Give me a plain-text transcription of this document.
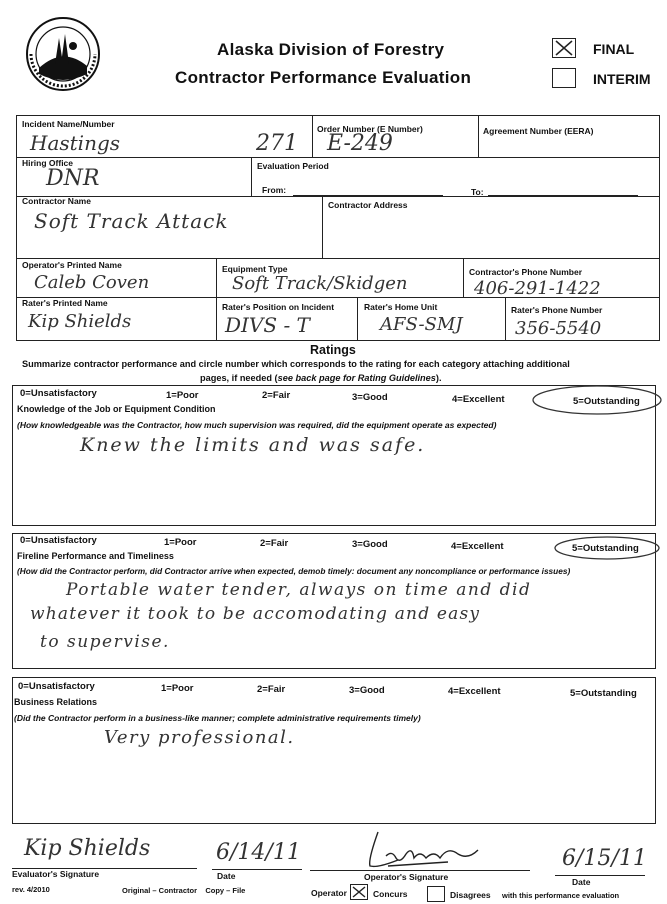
Alaska Division of Forestry
Contractor Performance Evaluation
FINAL
INTERIM
Incident Name/Number
Hastings	271
Order Number (E Number)
E-249	Agreement Number (EERA)
Hiring Office
DNR	Evaluation Period
From:	To:
Contractor Name
Soft Track Attack
Contractor Address
Operator's Printed Name
Caleb Coven
Equipment Type
Soft Track/Skidgen
Contractor's Phone Number
406-291-1422
Rater's Printed Name
Kip Shields
Rater's Position on Incident
DIVS - T
Rater's Home Unit
AFS-SMJ
Rater's Phone Number
356-5540
Ratings
Summarize contractor performance and circle number which corresponds to the rating for each category attaching additional
pages, if needed (see back page for Rating Guidelines).
0=Unsatisfactory	1=Poor	2=Fair	3=Good	4=Excellent	5=Outstanding
Knowledge of the Job or Equipment Condition
(How knowledgeable was the Contractor, how much supervision was required, did the equipment operate as expected)
Knew the limits and was safe.
0=Unsatisfactory	1=Poor	2=Fair	3=Good	4=Excellent	5=Outstanding
Fireline Performance and Timeliness
(How did the Contractor perform, did Contractor arrive when expected, demob timely: document any noncompliance or performance issues)
Portable water tender, always on time and did
whatever it took to be accomodating and easy
to supervise.
0=Unsatisfactory	1=Poor	2=Fair	3=Good	4=Excellent	5=Outstanding
Business Relations
(Did the Contractor perform in a business-like manner; complete administrative requirements timely)
Very professional.
Kip Shields
Evaluator's Signature
6/14/11
Date	Operator's Signature
6/15/11
Date
rev. 4/2010	Original – Contractor    Copy – File	Operator	Concurs	Disagrees with this performance evaluation
